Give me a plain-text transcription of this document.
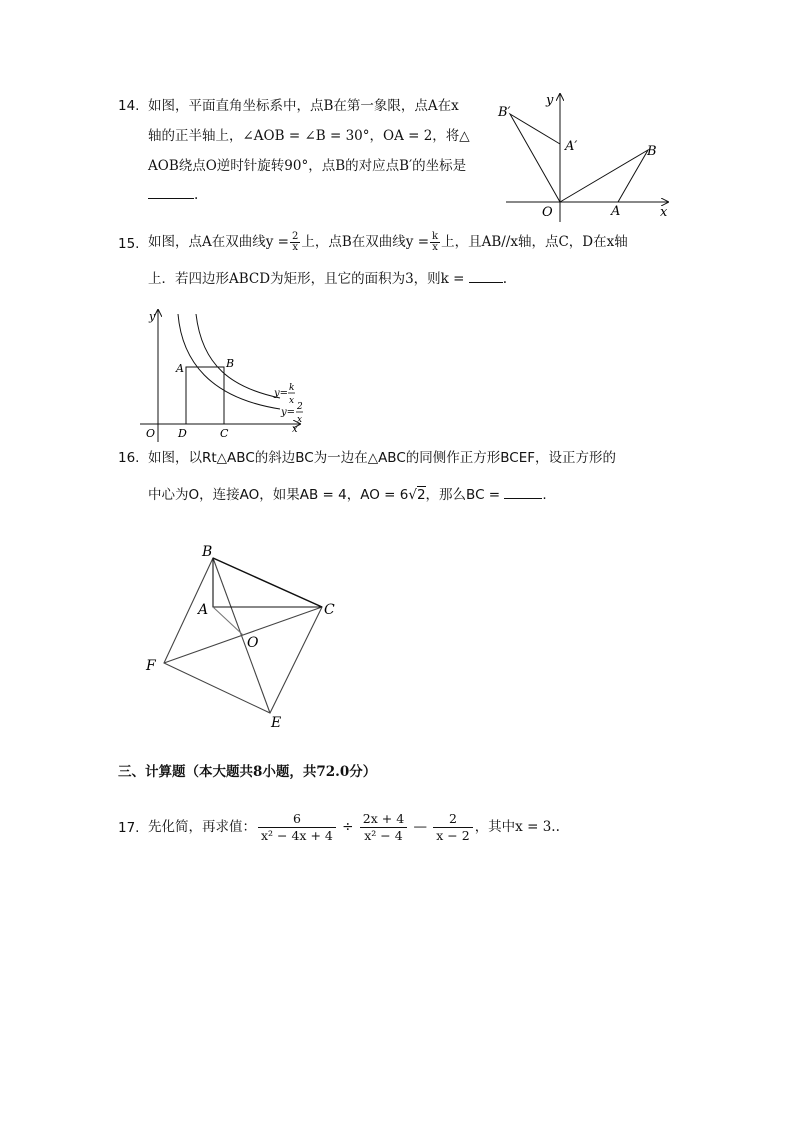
14. 如图，平面直角坐标系中，点B在第一象限，点A在x
轴的正半轴上，∠AOB = ∠B = 30°，OA = 2，将△
AOB绕点O逆时针旋转90°，点B的对应点B′的坐标是
.
B′
y
A′	B
O	A	x
15. 如图，点A在双曲线$y = \frac{2}{x}$ 上，点B在双曲线$y = \frac{k}{x}$ 上，且AB//x轴，点C，D在x轴
上．若四边形ABCD为矩形，且它的面积为3，则k =	.
y
A	B
y= k
x
y= 2
x
O D	C	x
16. 如图，以Rt△ABC的斜边BC为一边在△ABC的同侧作正方形BCEF，设正方形的
中心为O，连接AO，如果AB = 4，AO = 6√2，那么BC =	.
B
A	C
O
F
E
三、计算题（本大题共8小题，共72.0分）
17. 先化简，再求值： $\frac{6}{\text{x² − 4x + 4}} \div \frac{2x + 4}{\text{x² − 4}}$ — $\frac{2}{x - 2}$ ，其中x = 3..
